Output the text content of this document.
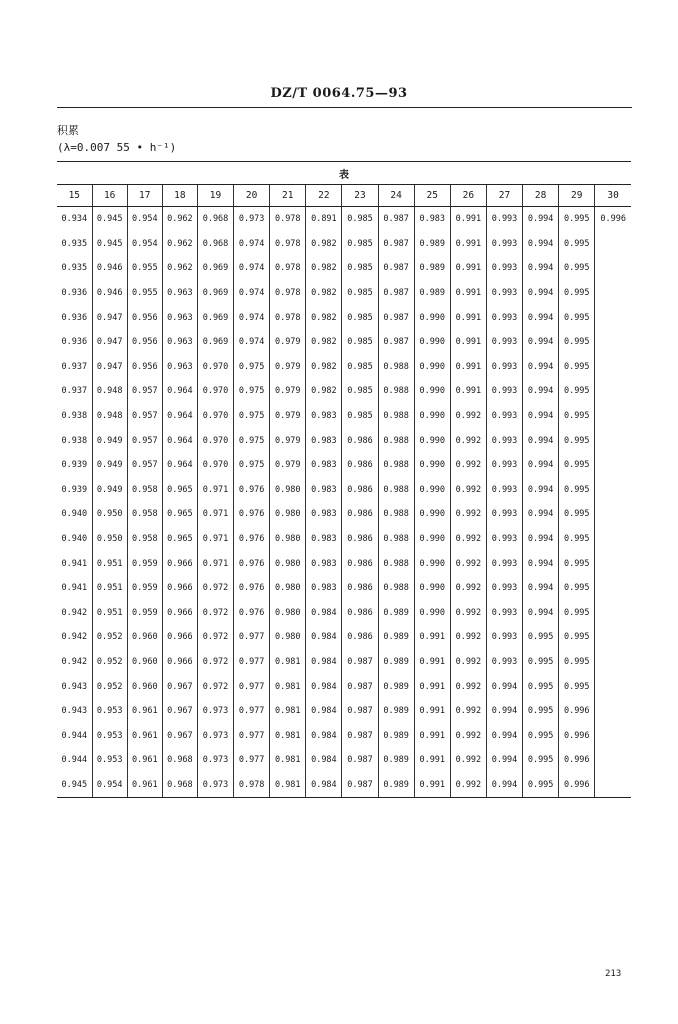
DZ/T 0064.75—93
积累
(λ=0.007 55 • h⁻¹)
表															
15	16	17	18	19	20	21	22	23	24	25	26	27	28	29	30
0.934	0.945	0.954	0.962	0.968	0.973	0.978	0.891	0.985	0.987	0.983	0.991	0.993	0.994	0.995	0.996
0.935	0.945	0.954	0.962	0.968	0.974	0.978	0.982	0.985	0.987	0.989	0.991	0.993	0.994	0.995	
0.935	0.946	0.955	0.962	0.969	0.974	0.978	0.982	0.985	0.987	0.989	0.991	0.993	0.994	0.995	
0.936	0.946	0.955	0.963	0.969	0.974	0.978	0.982	0.985	0.987	0.989	0.991	0.993	0.994	0.995	
0.936	0.947	0.956	0.963	0.969	0.974	0.978	0.982	0.985	0.987	0.990	0.991	0.993	0.994	0.995	
0.936	0.947	0.956	0.963	0.969	0.974	0.979	0.982	0.985	0.987	0.990	0.991	0.993	0.994	0.995	
0.937	0.947	0.956	0.963	0.970	0.975	0.979	0.982	0.985	0.988	0.990	0.991	0.993	0.994	0.995	
0.937	0.948	0.957	0.964	0.970	0.975	0.979	0.982	0.985	0.988	0.990	0.991	0.993	0.994	0.995	
0.938	0.948	0.957	0.964	0.970	0.975	0.979	0.983	0.985	0.988	0.990	0.992	0.993	0.994	0.995	
0.938	0.949	0.957	0.964	0.970	0.975	0.979	0.983	0.986	0.988	0.990	0.992	0.993	0.994	0.995	
0.939	0.949	0.957	0.964	0.970	0.975	0.979	0.983	0.986	0.988	0.990	0.992	0.993	0.994	0.995	
0.939	0.949	0.958	0.965	0.971	0.976	0.980	0.983	0.986	0.988	0.990	0.992	0.993	0.994	0.995	
0.940	0.950	0.958	0.965	0.971	0.976	0.980	0.983	0.986	0.988	0.990	0.992	0.993	0.994	0.995	
0.940	0.950	0.958	0.965	0.971	0.976	0.980	0.983	0.986	0.988	0.990	0.992	0.993	0.994	0.995	
0.941	0.951	0.959	0.966	0.971	0.976	0.980	0.983	0.986	0.988	0.990	0.992	0.993	0.994	0.995	
0.941	0.951	0.959	0.966	0.972	0.976	0.980	0.983	0.986	0.988	0.990	0.992	0.993	0.994	0.995	
0.942	0.951	0.959	0.966	0.972	0.976	0.980	0.984	0.986	0.989	0.990	0.992	0.993	0.994	0.995	
0.942	0.952	0.960	0.966	0.972	0.977	0.980	0.984	0.986	0.989	0.991	0.992	0.993	0.995	0.995	
0.942	0.952	0.960	0.966	0.972	0.977	0.981	0.984	0.987	0.989	0.991	0.992	0.993	0.995	0.995	
0.943	0.952	0.960	0.967	0.972	0.977	0.981	0.984	0.987	0.989	0.991	0.992	0.994	0.995	0.995	
0.943	0.953	0.961	0.967	0.973	0.977	0.981	0.984	0.987	0.989	0.991	0.992	0.994	0.995	0.996	
0.944	0.953	0.961	0.967	0.973	0.977	0.981	0.984	0.987	0.989	0.991	0.992	0.994	0.995	0.996	
0.944	0.953	0.961	0.968	0.973	0.977	0.981	0.984	0.987	0.989	0.991	0.992	0.994	0.995	0.996	
0.945	0.954	0.961	0.968	0.973	0.978	0.981	0.984	0.987	0.989	0.991	0.992	0.994	0.995	0.996	
213
